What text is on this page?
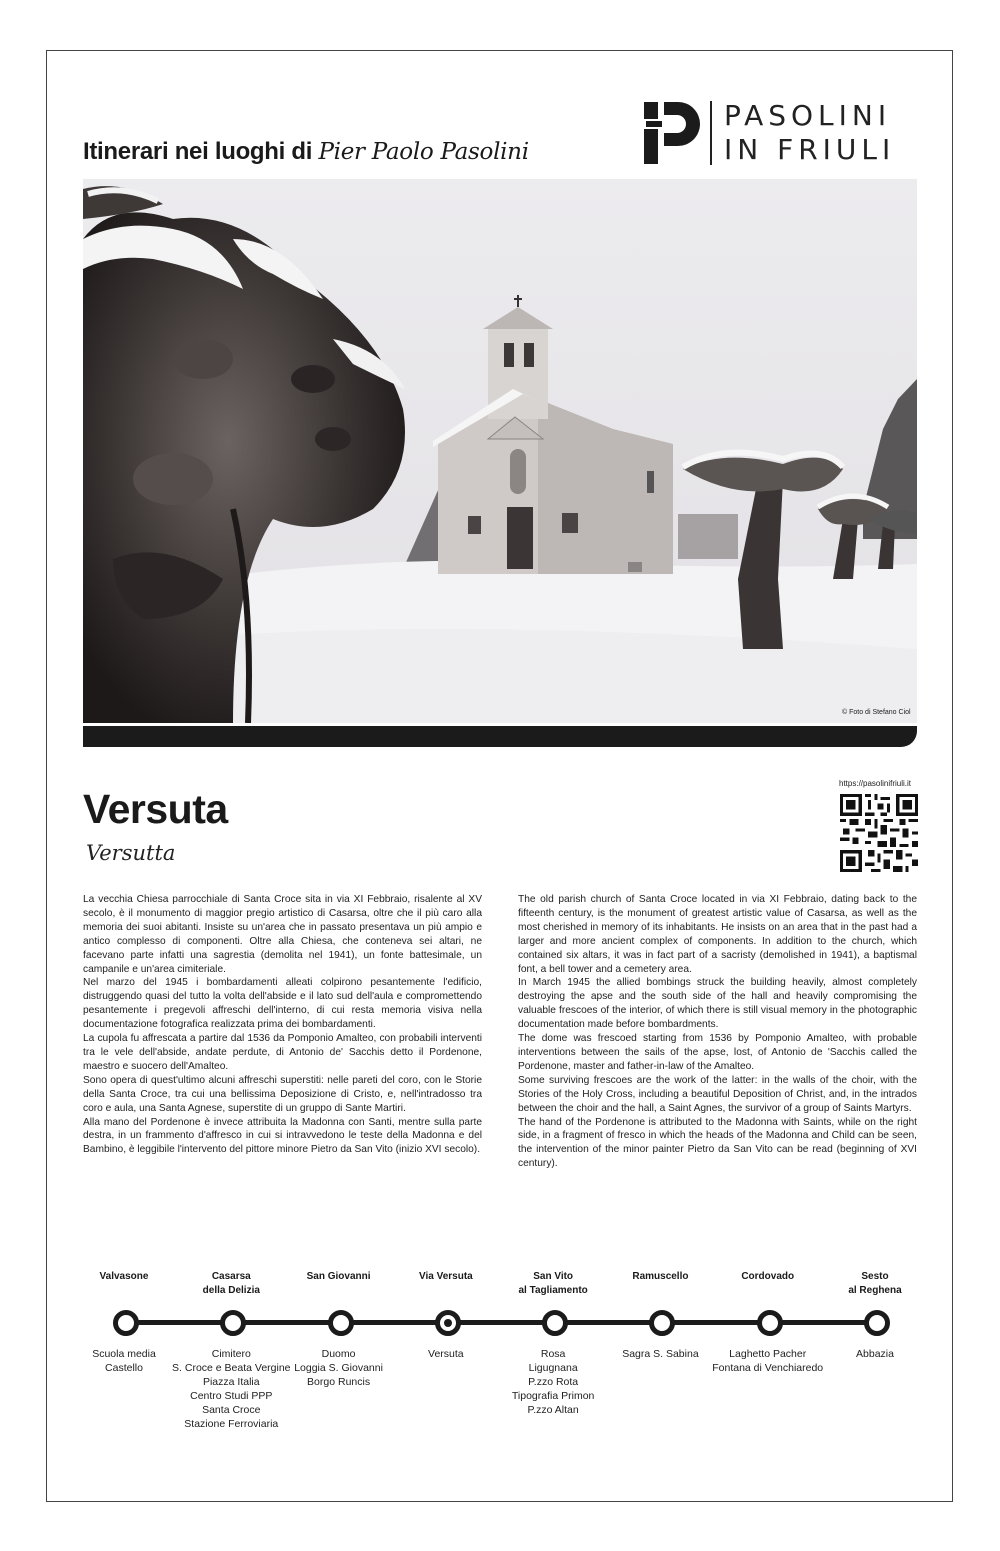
Itinerari nei luoghi di Pier Paolo Pasolini
PASOLINI
IN FRIULI
© Foto di Stefano Ciol
Versuta
Versutta
https://pasolinifriuli.it

La vecchia Chiesa parrocchiale di Santa Croce sita in via XI Febbraio, risalente al XV secolo, è il monumento di maggior pregio artistico di Casarsa, oltre che il più caro alla memoria dei suoi abitanti. Insiste su un'area che in passato presentava un più ampio e antico complesso di componenti. Oltre alla Chiesa, che conteneva sei altari, ne facevano parte infatti una sagrestia (demolita nel 1941), un fonte battesimale, un campanile e un'area cimiteriale.

Nel marzo del 1945 i bombardamenti alleati colpirono pesantemente l'edificio, distruggendo quasi del tutto la volta dell'abside e il lato sud dell'aula e compromettendo pesantemente i pregevoli affreschi dell'interno, di cui resta memoria visiva nella documentazione fotografica realizzata prima dei bombardamenti.

La cupola fu affrescata a partire dal 1536 da Pomponio Amalteo, con probabili interventi tra le vele dell'abside, andate perdute, di Antonio de' Sacchis detto il Pordenone, maestro e suocero dell'Amalteo.

Sono opera di quest'ultimo alcuni affreschi superstiti: nelle pareti del coro, con le Storie della Santa Croce, tra cui una bellissima Deposizione di Cristo, e, nell'intradosso tra coro e aula, una Santa Agnese, superstite di un gruppo di Sante Martiri.

Alla mano del Pordenone è invece attribuita la Madonna con Santi, mentre sulla parte destra, in un frammento d'affresco in cui si intravvedono le teste della Madonna e del Bambino, è leggibile l'intervento del pittore minore Pietro da San Vito (inizio XVI secolo).

The old parish church of Santa Croce located in via XI Febbraio, dating back to the fifteenth century, is the monument of greatest artistic value of Casarsa, as well as the most cherished in memory of its inhabitants. He insists on an area that in the past had a larger and more ancient complex of components. In addition to the church, which contained six altars, it was in fact part of a sacristy (demolished in 1941), a baptismal font, a bell tower and a cemetery area.

In March 1945 the allied bombings struck the building heavily, almost completely destroying the apse and the south side of the hall and heavily compromising the valuable frescoes of the interior, of which there is still visual memory in the photographic documentation made before bombardments.

The dome was frescoed starting from 1536 by Pomponio Amalteo, with probable interventions between the sails of the apse, lost, of Antonio de 'Sacchis called the Pordenone, master and father-in-law of the Amalteo.

Some surviving frescoes are the work of the latter: in the walls of the choir, with the Stories of the Holy Cross, including a beautiful Deposition of Christ, and, in the intrados between the choir and the hall, a Saint Agnes, the survivor of a group of Saints Martyrs.

The hand of the Pordenone is attributed to the Madonna with Saints, while on the right side, in a fragment of fresco in which the heads of the Madonna and Child can be seen, the intervention of the minor painter Pietro da San Vito can be read (beginning of XVI century).

Valvasone
Scuola media
Castello
Casarsa
della Delizia
Cimitero
S. Croce e Beata Vergine
Piazza Italia
Centro Studi PPP
Santa Croce
Stazione Ferroviaria
San Giovanni
Duomo
Loggia S. Giovanni
Borgo Runcis
Via Versuta
Versuta
San Vito
al Tagliamento
Rosa
Ligugnana
P.zzo Rota
Tipografia Primon
P.zzo Altan
Ramuscello
Sagra S. Sabina
Cordovado
Laghetto Pacher
Fontana di Venchiaredo
Sesto
al Reghena
Abbazia
